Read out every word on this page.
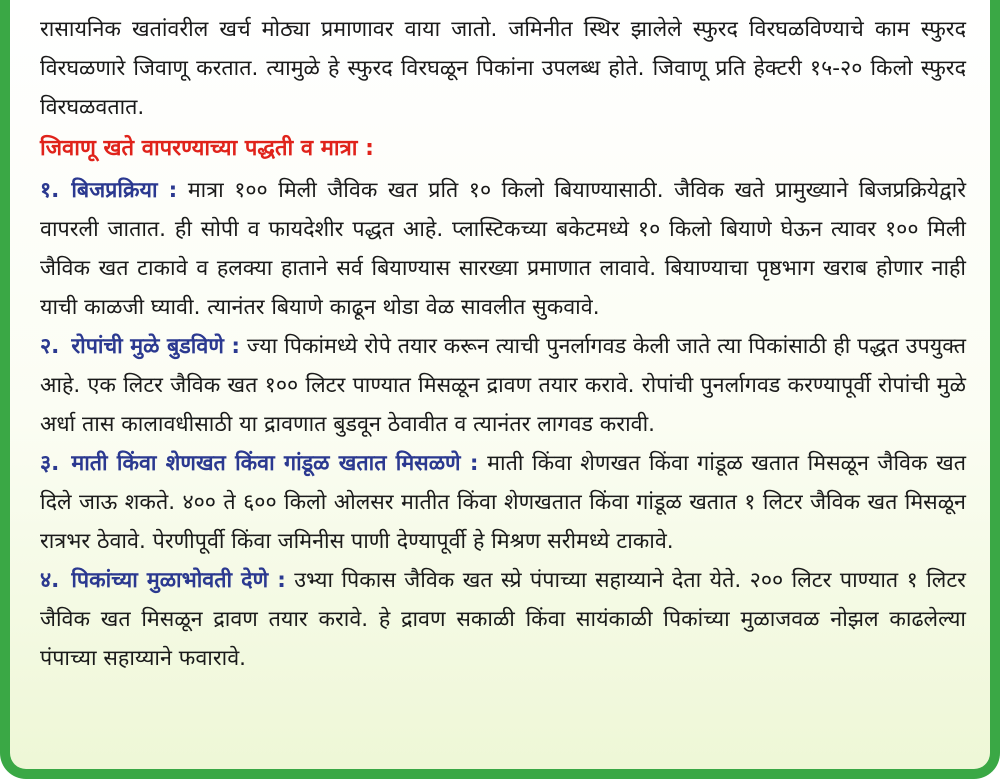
रासायनिक खतांवरील खर्च मोठ्या प्रमाणावर वाया जातो. जमिनीत स्थिर झालेले स्फुरद विरघळविण्याचे काम स्फुरद विरघळणारे जिवाणू करतात. त्यामुळे हे स्फुरद विरघळून पिकांना उपलब्ध होते. जिवाणू प्रति हेक्टरी १५-२० किलो स्फुरद विरघळवतात.

जिवाणू खते वापरण्याच्या पद्धती व मात्रा :

१. बिजप्रक्रिया : मात्रा १०० मिली जैविक खत प्रति १० किलो बियाण्यासाठी. जैविक खते प्रामुख्याने बिजप्रक्रियेद्वारे वापरली जातात. ही सोपी व फायदेशीर पद्धत आहे. प्लास्टिकच्या बकेटमध्ये १० किलो बियाणे घेऊन त्यावर १०० मिली जैविक खत टाकावे व हलक्या हाताने सर्व बियाण्यास सारख्या प्रमाणात लावावे. बियाण्याचा पृष्ठभाग खराब होणार नाही याची काळजी घ्यावी. त्यानंतर बियाणे काढून थोडा वेळ सावलीत सुकवावे.

२. रोपांची मुळे बुडविणे : ज्या पिकांमध्ये रोपे तयार करून त्याची पुनर्लागवड केली जाते त्या पिकांसाठी ही पद्धत उपयुक्त आहे. एक लिटर जैविक खत १०० लिटर पाण्यात मिसळून द्रावण तयार करावे. रोपांची पुनर्लागवड करण्यापूर्वी रोपांची मुळे अर्धा तास कालावधीसाठी या द्रावणात बुडवून ठेवावीत व त्यानंतर लागवड करावी.

३. माती किंवा शेणखत किंवा गांडूळ खतात मिसळणे : माती किंवा शेणखत किंवा गांडूळ खतात मिसळून जैविक खत दिले जाऊ शकते. ४०० ते ६०० किलो ओलसर मातीत किंवा शेणखतात किंवा गांडूळ खतात १ लिटर जैविक खत मिसळून रात्रभर ठेवावे. पेरणीपूर्वी किंवा जमिनीस पाणी देण्यापूर्वी हे मिश्रण सरीमध्ये टाकावे.

४. पिकांच्या मुळाभोवती देणे : उभ्या पिकास जैविक खत स्प्रे पंपाच्या सहाय्याने देता येते. २०० लिटर पाण्यात १ लिटर जैविक खत मिसळून द्रावण तयार करावे. हे द्रावण सकाळी किंवा सायंकाळी पिकांच्या मुळाजवळ नोझल काढलेल्या पंपाच्या सहाय्याने फवारावे.
